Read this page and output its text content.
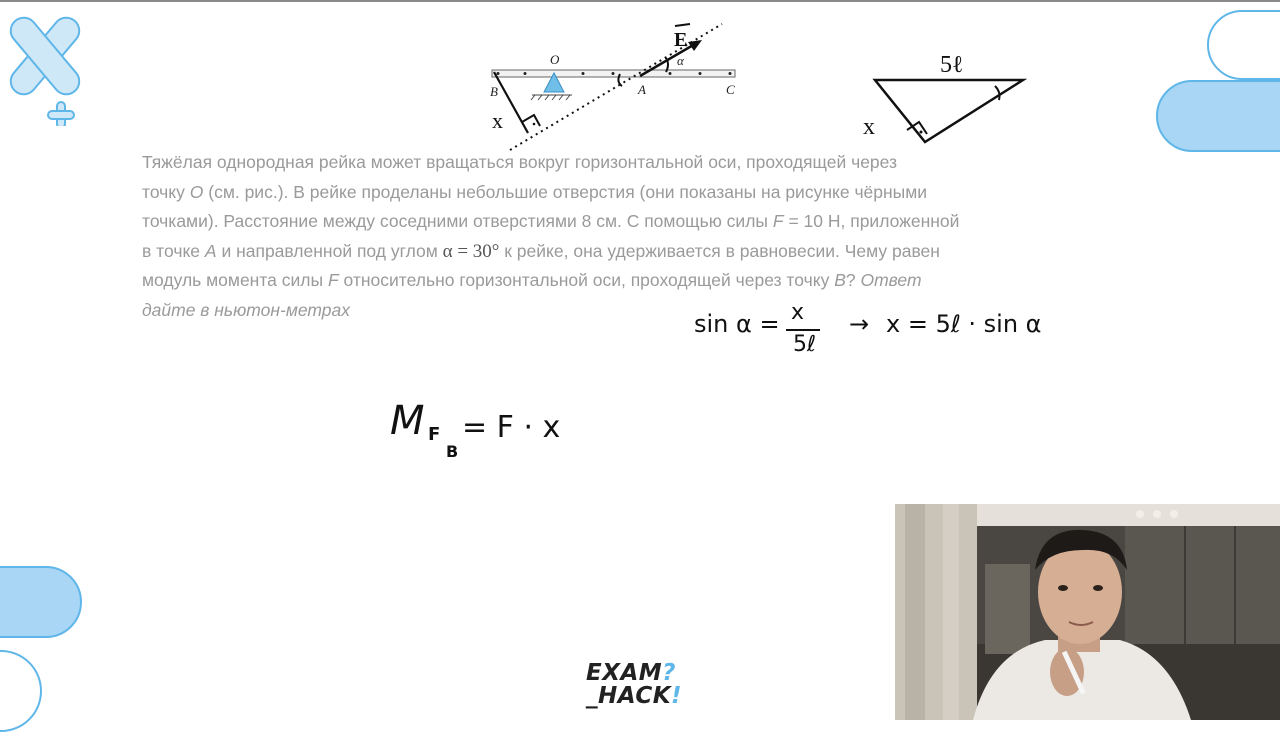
O
B	A	C
α
E
x
5ℓ
x
Тяжёлая однородная рейка может вращаться вокруг горизонтальной оси, проходящей через
точку O (см. рис.). В рейке проделаны небольшие отверстия (они показаны на рисунке чёрными
точками). Расстояние между соседними отверстиями 8 см. С помощью силы F = 10 Н, приложенной
в точке A и направленной под углом α = 30° к рейке, она удерживается в равновесии. Чему равен
модуль момента силы F относительно горизонтальной оси, проходящей через точку B? Ответ
дайте в ньютон-метрах
sin α = x
5ℓ
→ x = 5ℓ · sin α
M F
B
= F · x
EXAM?
_HACK!
